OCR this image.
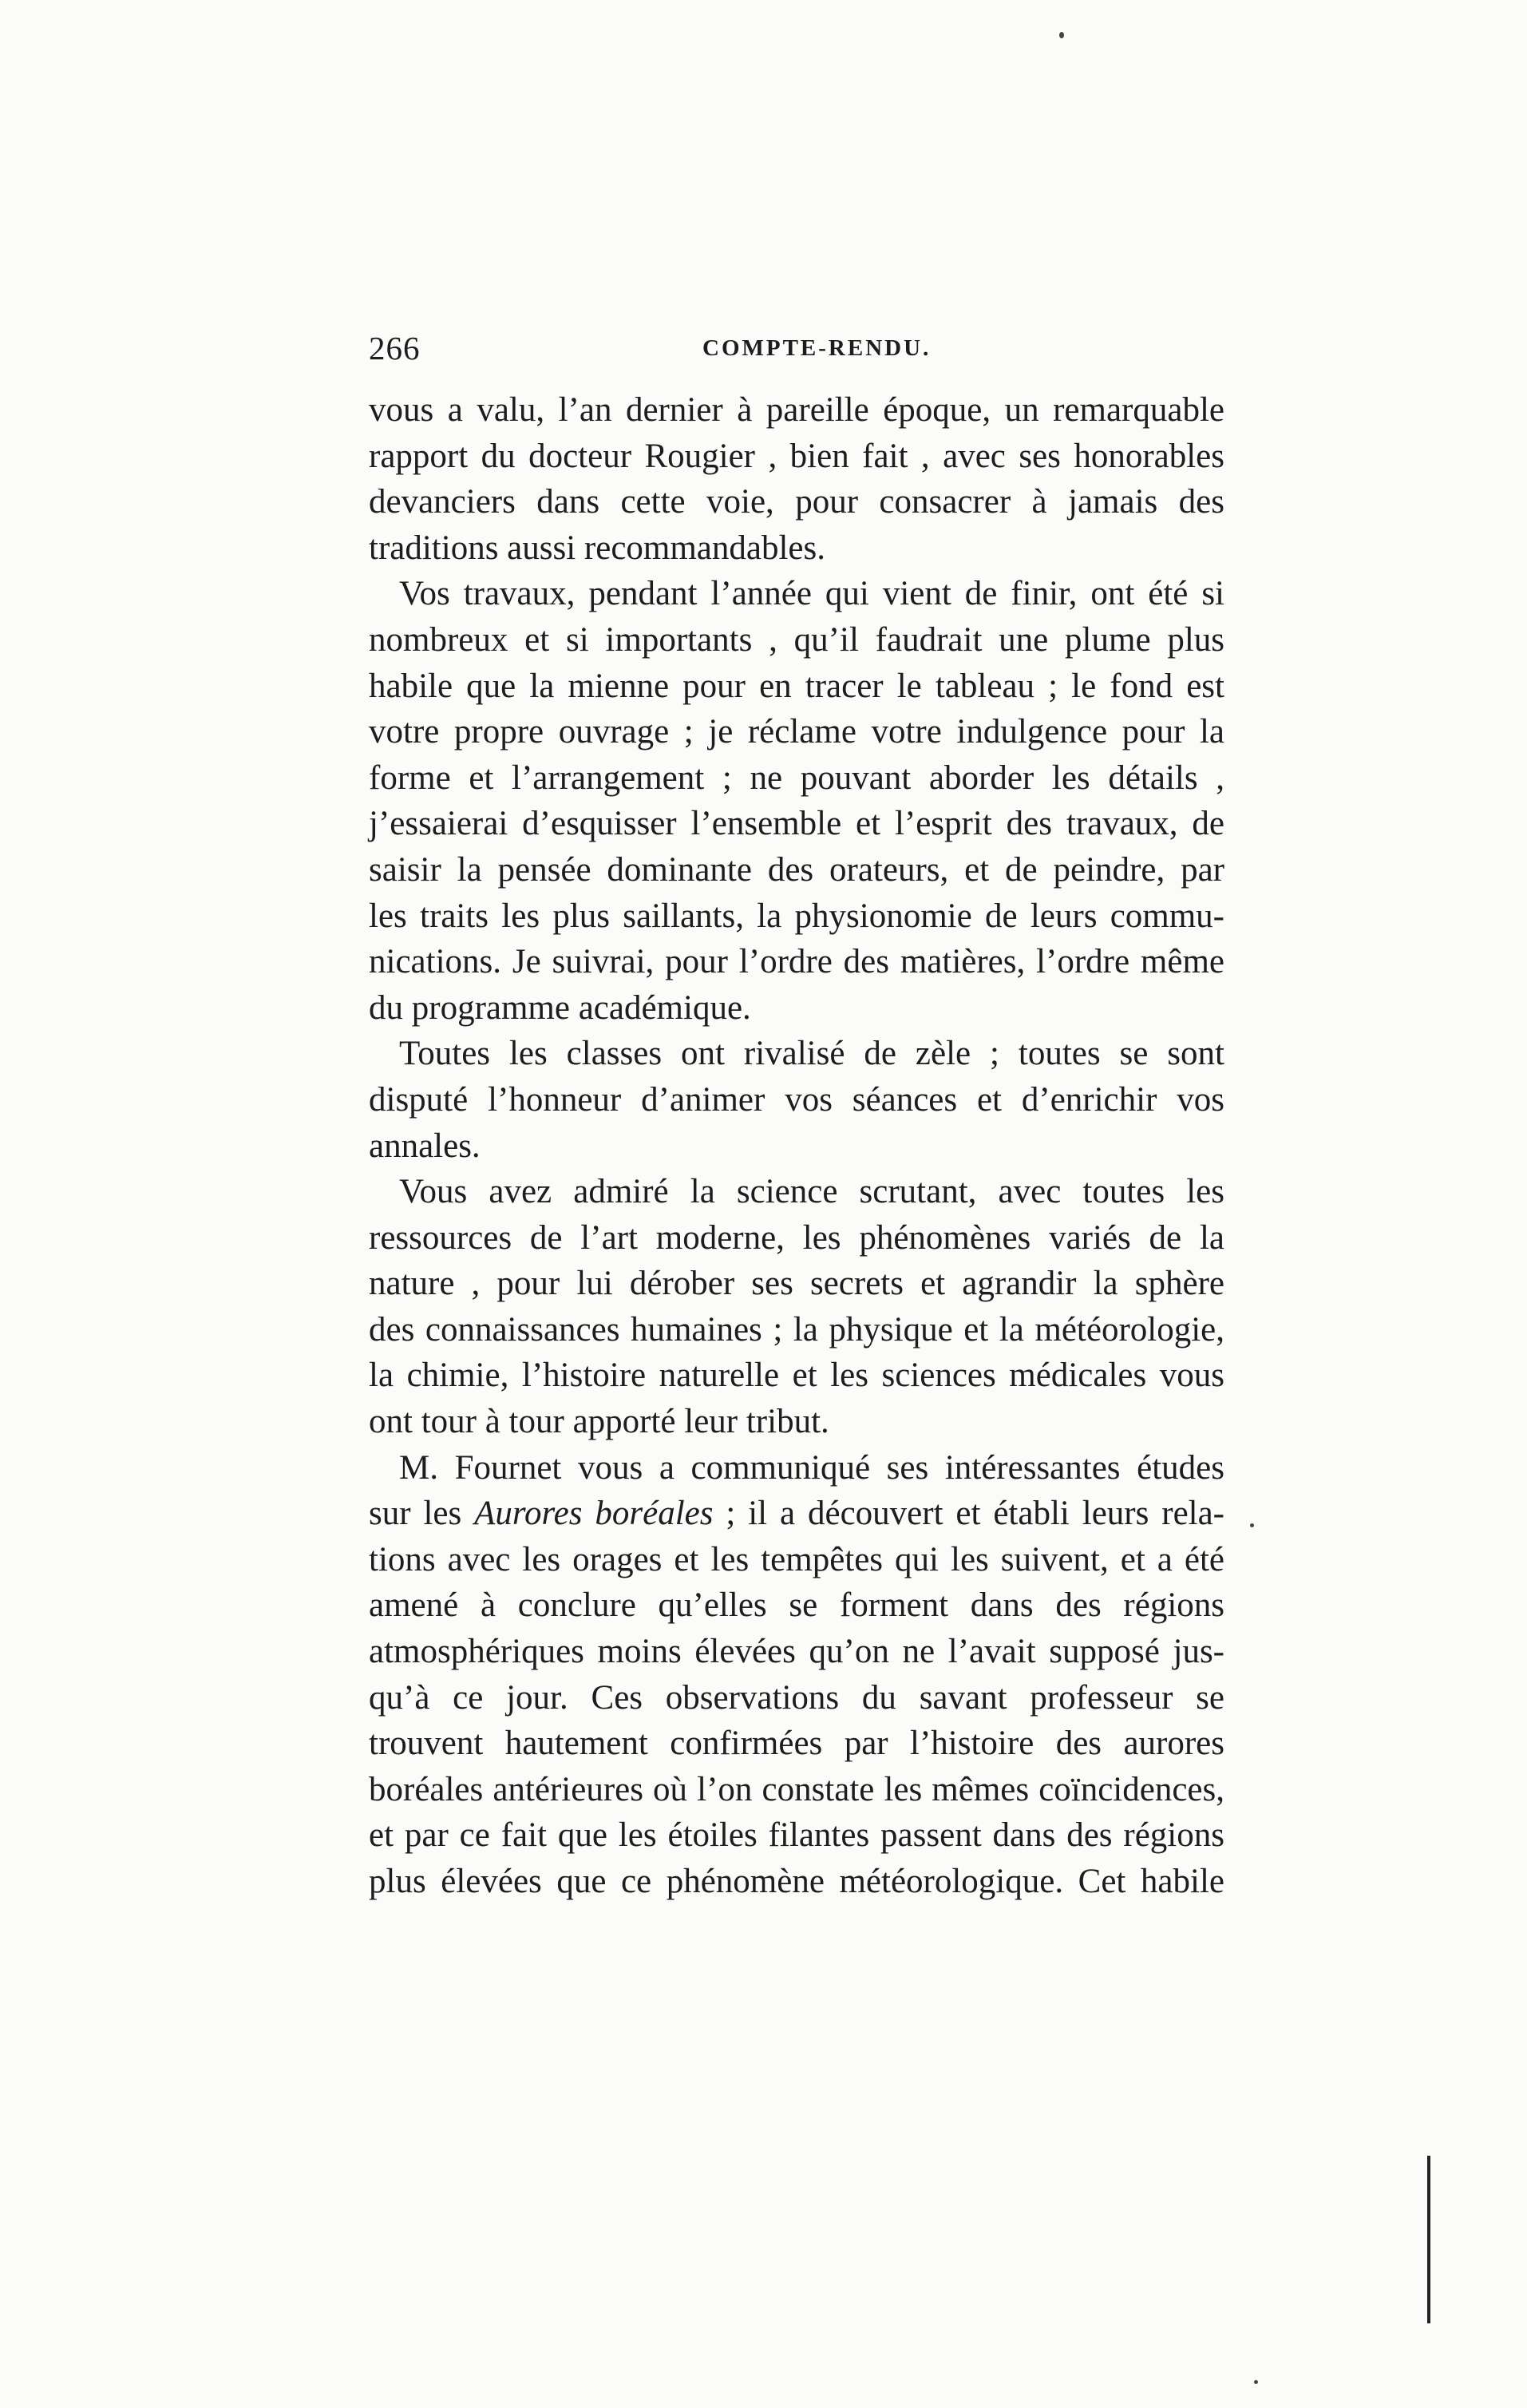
266	COMPTE-RENDU.
vous a valu, l’an dernier à pareille époque, un remarquable
rapport du docteur Rougier , bien fait , avec ses honorables
devanciers dans cette voie, pour consacrer à jamais des
traditions aussi recommandables.
Vos travaux, pendant l’année qui vient de finir, ont été si
nombreux et si importants , qu’il faudrait une plume plus
habile que la mienne pour en tracer le tableau ; le fond est
votre propre ouvrage ; je réclame votre indulgence pour la
forme et l’arrangement ; ne pouvant aborder les détails ,
j’essaierai d’esquisser l’ensemble et l’esprit des travaux, de
saisir la pensée dominante des orateurs, et de peindre, par
les traits les plus saillants, la physionomie de leurs commu-
nications. Je suivrai, pour l’ordre des matières, l’ordre même
du programme académique.
Toutes les classes ont rivalisé de zèle ; toutes se sont
disputé l’honneur d’animer vos séances et d’enrichir vos
annales.
Vous avez admiré la science scrutant, avec toutes les
ressources de l’art moderne, les phénomènes variés de la
nature , pour lui dérober ses secrets et agrandir la sphère
des connaissances humaines ; la physique et la météorologie,
la chimie, l’histoire naturelle et les sciences médicales vous
ont tour à tour apporté leur tribut.
M. Fournet vous a communiqué ses intéressantes études
sur les Aurores boréales ; il a découvert et établi leurs rela-
tions avec les orages et les tempêtes qui les suivent, et a été
amené à conclure qu’elles se forment dans des régions
atmosphériques moins élevées qu’on ne l’avait supposé jus-
qu’à ce jour. Ces observations du savant professeur se
trouvent hautement confirmées par l’histoire des aurores
boréales antérieures où l’on constate les mêmes coïncidences,
et par ce fait que les étoiles filantes passent dans des régions
plus élevées que ce phénomène météorologique. Cet habile
